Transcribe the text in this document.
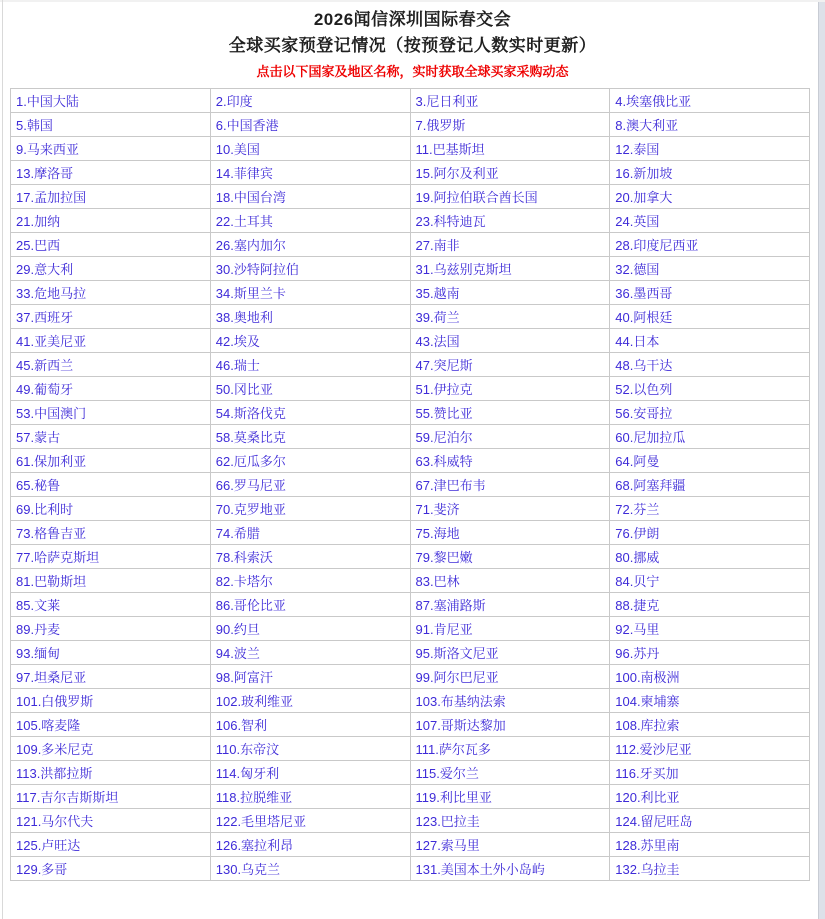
2026闻信深圳国际春交会
全球买家预登记情况（按预登记人数实时更新）
点击以下国家及地区名称，实时获取全球买家采购动态
1.中国大陆	2.印度	3.尼日利亚	4.埃塞俄比亚
5.韩国	6.中国香港	7.俄罗斯	8.澳大利亚
9.马来西亚	10.美国	11.巴基斯坦	12.泰国
13.摩洛哥	14.菲律宾	15.阿尔及利亚	16.新加坡
17.孟加拉国	18.中国台湾	19.阿拉伯联合酋长国	20.加拿大
21.加纳	22.土耳其	23.科特迪瓦	24.英国
25.巴西	26.塞内加尔	27.南非	28.印度尼西亚
29.意大利	30.沙特阿拉伯	31.乌兹别克斯坦	32.德国
33.危地马拉	34.斯里兰卡	35.越南	36.墨西哥
37.西班牙	38.奥地利	39.荷兰	40.阿根廷
41.亚美尼亚	42.埃及	43.法国	44.日本
45.新西兰	46.瑞士	47.突尼斯	48.乌干达
49.葡萄牙	50.冈比亚	51.伊拉克	52.以色列
53.中国澳门	54.斯洛伐克	55.赞比亚	56.安哥拉
57.蒙古	58.莫桑比克	59.尼泊尔	60.尼加拉瓜
61.保加利亚	62.厄瓜多尔	63.科威特	64.阿曼
65.秘鲁	66.罗马尼亚	67.津巴布韦	68.阿塞拜疆
69.比利时	70.克罗地亚	71.斐济	72.芬兰
73.格鲁吉亚	74.希腊	75.海地	76.伊朗
77.哈萨克斯坦	78.科索沃	79.黎巴嫩	80.挪威
81.巴勒斯坦	82.卡塔尔	83.巴林	84.贝宁
85.文莱	86.哥伦比亚	87.塞浦路斯	88.捷克
89.丹麦	90.约旦	91.肯尼亚	92.马里
93.缅甸	94.波兰	95.斯洛文尼亚	96.苏丹
97.坦桑尼亚	98.阿富汗	99.阿尔巴尼亚	100.南极洲
101.白俄罗斯	102.玻利维亚	103.布基纳法索	104.柬埔寨
105.喀麦隆	106.智利	107.哥斯达黎加	108.库拉索
109.多米尼克	110.东帝汶	111.萨尔瓦多	112.爱沙尼亚
113.洪都拉斯	114.匈牙利	115.爱尔兰	116.牙买加
117.吉尔吉斯斯坦	118.拉脱维亚	119.利比里亚	120.利比亚
121.马尔代夫	122.毛里塔尼亚	123.巴拉圭	124.留尼旺岛
125.卢旺达	126.塞拉利昂	127.索马里	128.苏里南
129.多哥	130.乌克兰	131.美国本土外小岛屿	132.乌拉圭
